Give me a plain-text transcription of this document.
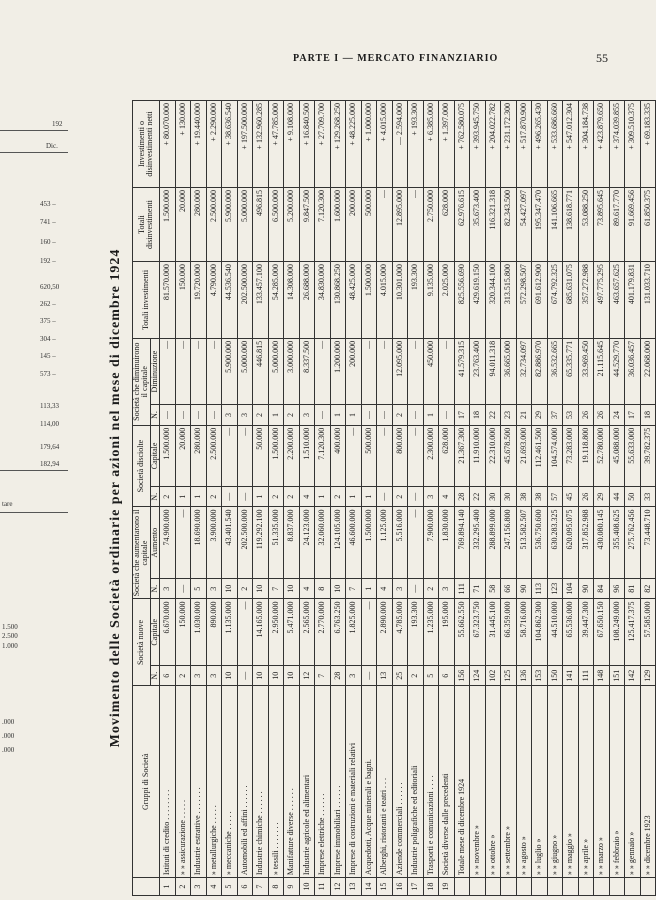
PARTE I — MERCATO FINANZIARIO	55
192
Dic.
453 –
741 –
160 –
192 –
620,50
262 –
375 –
304 –
145 –
573 –
113,33
114,00
179,64
182,94
tare
1.500
2.500
1.000
.000
.000
.000
Movimento delle Società ordinarie per azioni nel mese di dicembre 1924
	Gruppi di Società	Società nuove		Società che aumentarono il capitale		Società disciolte		Società che diminuirono il capitale		Totali investimenti	Totali disinvestimenti	Investimenti o disinvestimenti netti
		N.	Capitale	N.	Aumento	N.	Capitale	N.	Diminuzione			
1	Istituti di credito . . . . . . . .	6	6.670.000	3	74.900.000	2	1.500.000	—	—	81.570.000	1.500.000	+ 80.070.000
2	» » assicurazione . . . . .	2	150.000	—	—	1	20.000	—	—	150.000	20.000	+ 130.000
3	Industrie estrattive . . . . . . .	3	1.030.000	5	18.690.000	1	280.000	—	—	19.720.000	280.000	+ 19.440.000
4	» metallurgiche . . . . .	3	890.000	3	3.900.000	2	2.500.000	—	—	4.790.000	2.500.000	+ 2.290.000
5	» meccaniche . . . . .	10	1.135.000	10	43.401.540	—	—	3	5.900.000	44.536.540	5.900.000	+ 38.636.540
6	Automobili ed affini . . . . . .	—	—	2	202.500.000	—	—	3	5.000.000	202.500.000	5.000.000	+ 197.500.000
7	Industrie chimiche . . . . . .	10	14.165.000	10	119.292.100	1	50.000	2	446.815	133.457.100	496.815	+ 132.960.285
8	» tessili . . . . . . .	10	2.950.000	7	51.335.000	2	1.500.000	1	5.000.000	54.285.000	6.500.000	+ 47.785.000
9	Manifatture diverse . . . . . .	10	5.471.000	10	8.837.000	2	2.200.000	2	3.000.000	14.308.000	5.200.000	+ 9.108.000
10	Industrie agricole ed alimentari	12	2.565.000	4	24.123.000	4	1.510.000	3	8.337.500	26.688.000	9.847.500	+ 16.840.500
11	Imprese elettriche . . . . . .	7	2.770.000	8	32.060.000	1	7.120.300	—	—	34.830.000	7.120.300	+ 27.709.700
12	Imprese immobiliari . . . . . .	28	6.763.250	10	124.105.000	2	400.000	1	1.200.000	130.868.250	1.600.000	+ 129.268.250
13	Imprese di costruzioni e materiali relativi	3	1.825.000	7	46.600.000	1	—	1	200.000	48.425.000	200.000	+ 48.225.000
14	Acquedotti, Acque minerali e bagni.	—	—	1	1.500.000	1	500.000	—	—	1.500.000	500.000	+ 1.000.000
15	Alberghi, ristoranti e teatri . . .	13	2.890.000	4	1.125.000	—	—	—	—	4.015.000	—	+ 4.015.000
16	Aziende commerciali . . . . . .	25	4.785.000	3	5.516.000	2	800.000	2	12.095.000	10.301.000	12.895.000	— 2.594.000
17	Industrie poligrafiche ed editoriali	2	193.300	—	—	—	—	—	—	193.300	—	+ 193.300
18	Trasporti e comunicazioni . . . .	5	1.235.000	2	7.900.000	3	2.300.000	1	450.000	9.135.000	2.750.000	+ 6.385.000
19	Società diverse dalle precedenti	6	195.000	3	1.830.000	4	628.000	—	—	2.025.000	628.000	+ 1.397.000
	Totale mese di dicembre 1924	156	55.662.550	111	769.894.140	28	21.367.300	17	41.579.315	825.556.690	62.976.615	+ 762.580.075
	» » novembre »	124	67.323.750	71	332.295.400	22	11.910.000	18	23.763.400	429.619.150	35.673.400	+ 393.945.750
	» » ottobre »	102	31.445.100	58	288.899.000	30	22.310.000	22	94.011.318	320.344.100	116.321.318	+ 204.022.782
	» » settembre »	125	66.359.000	66	247.156.800	30	45.678.500	23	36.665.000	313.515.800	82.343.500	+ 231.172.300
	» » agosto »	136	58.716.000	90	513.582.507	38	21.693.000	21	32.734.097	572.298.507	54.427.097	+ 517.870.900
	» » luglio »	153	104.862.300	113	536.750.600	38	112.461.500	29	82.886.970	691.612.900	195.347.470	+ 496.265.430
	» » giugno »	150	44.510.000	123	630.283.325	57	104.574.000	37	36.532.665	674.792.325	141.106.665	+ 533.686.660
	» » maggio »	141	65.536.000	104	620.095.075	45	73.283.000	53	65.335.771	685.631.075	138.618.771	+ 547.012.304
	» » aprile »	111	39.447.300	90	317.852.988	26	19.118.800	26	33.969.450	357.272.988	53.088.250	+ 304.184.738
	» » marzo »	148	67.650.150	84	430.080.145	29	52.780.000	26	21.115.645	497.775.295	73.895.645	+ 423.879.650
	» » febbraio »	151	108.249.000	96	355.408.625	44	45.088.000	24	44.529.770	463.657.625	89.617.770	+ 374.039.855
	» » gennaio »	142	125.417.375	81	275.762.456	50	55.633.000	17	36.036.457	401.179.831	91.669.456	+ 309.510.375
	» » dicembre 1923	129	57.585.000	82	73.448.710	33	39.782.375	18	22.068.000	131.033.710	61.850.375	+ 69.183.335
